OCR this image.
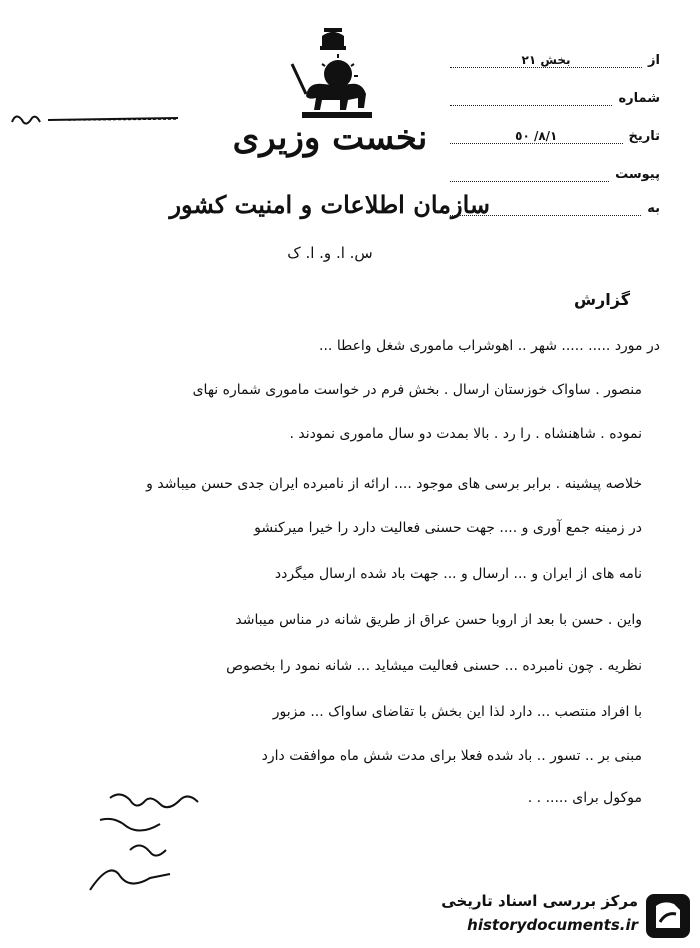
نخست وزیری
سازمان اطلاعات و امنیت کشور
س. ا. و. ا. ک
از
بخش ٢١
شماره
تاریخ
٨/١/ ٥٠
پیوست
به
گزارش
در مورد ..... ..... شهر .. اهوشراب ماموری شغل واعطا ...
منصور . ساواک خوزستان ارسال . بخش فرم در خواست ماموری شماره نهای
نموده . شاهنشاه . را رد . بالا بمدت دو سال ماموری نمودند .
خلاصه پیشینه . برابر برسی های موجود .... ارائه از نامبرده ایران جدی حسن میباشد و
در زمینه جمع آوری و .... جهت حسنی فعالیت دارد را خیرا میرکنشو
نامه های از ایران و ... ارسال و ... جهت باد شده ارسال میگردد
واین . حسن با بعد از اروبا حسن عراق از طریق شانه در مناس میباشد
نظریه . چون نامبرده ... حسنی فعالیت میشاید ... شانه نمود را بخصوص
با افراد منتصب ... دارد لذا این بخش با تقاضای ساواک ... مزبور
مبنی بر .. تسور .. باد شده فعلا برای مدت شش ماه موافقت دارد
موکول برای ..... . .
مرکز بررسی اسناد تاریخی
historydocuments.ir
